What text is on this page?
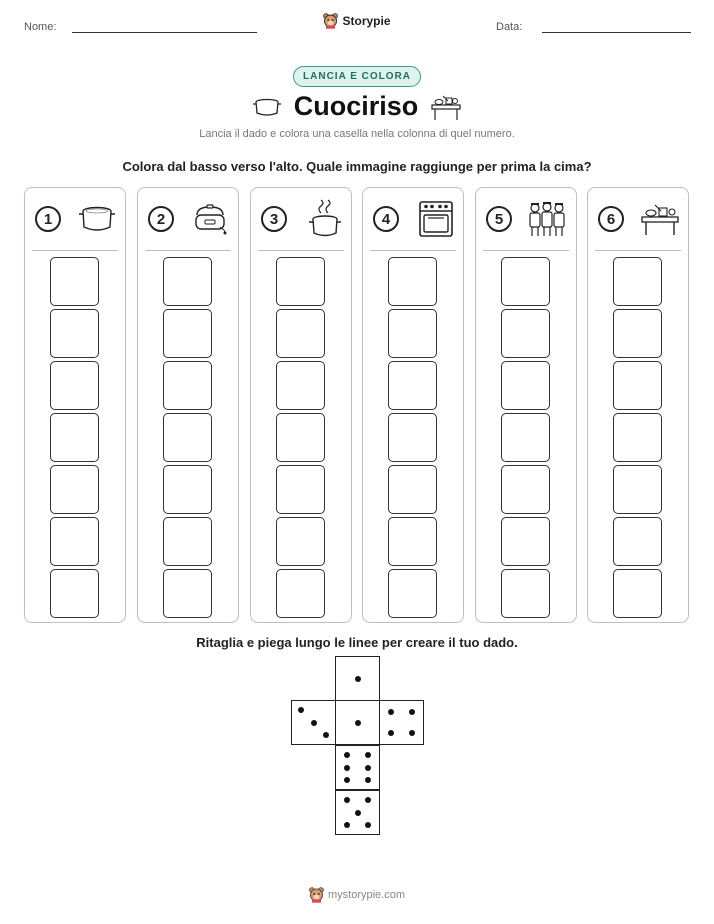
Nome:	Data:
Storypie
LANCIA E COLORA
Cuociriso
Lancia il dado e colora una casella nella colonna di quel numero.
Colora dal basso verso l'alto. Quale immagine raggiunge per prima la cima?
1	2	3	4	5	6
Ritaglia e piega lungo le linee per creare il tuo dado.
mystorypie.com
